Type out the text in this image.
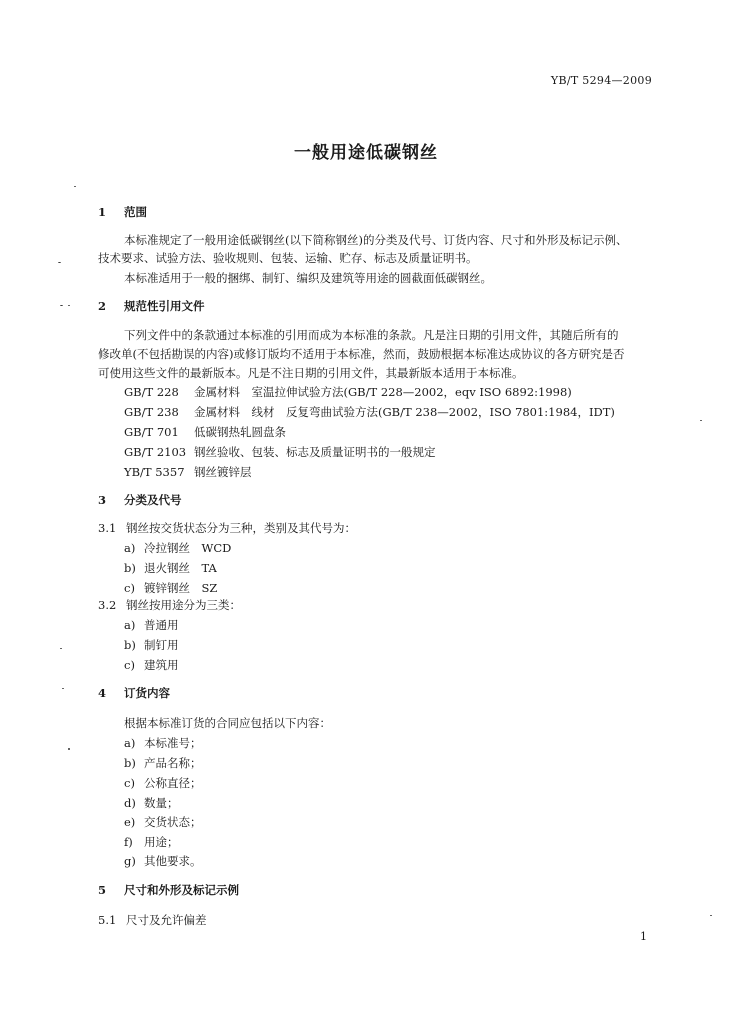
YB/T 5294—2009
一般用途低碳钢丝
1 范围
本标准规定了一般用途低碳钢丝(以下简称钢丝)的分类及代号、订货内容、尺寸和外形及标记示例、
技术要求、试验方法、验收规则、包装、运输、贮存、标志及质量证明书。
本标准适用于一般的捆绑、制钉、编织及建筑等用途的圆截面低碳钢丝。
2 规范性引用文件
下列文件中的条款通过本标准的引用而成为本标准的条款。凡是注日期的引用文件，其随后所有的
修改单(不包括勘误的内容)或修订版均不适用于本标准，然而，鼓励根据本标准达成协议的各方研究是否
可使用这些文件的最新版本。凡是不注日期的引用文件，其最新版本适用于本标准。
GB/T 228 金属材料　室温拉伸试验方法(GB/T 228—2002，eqv ISO 6892:1998)
GB/T 238 金属材料　线材　反复弯曲试验方法(GB/T 238—2002，ISO 7801:1984，IDT)
GB/T 701 低碳钢热轧圆盘条
GB/T 2103 钢丝验收、包装、标志及质量证明书的一般规定
YB/T 5357 钢丝镀锌层
3 分类及代号
3.1 钢丝按交货状态分为三种，类别及其代号为：
a) 冷拉钢丝　WCD
b) 退火钢丝　TA
c) 镀锌钢丝　SZ
3.2 钢丝按用途分为三类：
a) 普通用
b) 制钉用
c) 建筑用
4 订货内容
根据本标准订货的合同应包括以下内容：
a) 本标准号；
b) 产品名称；
c) 公称直径；
d) 数量；
e) 交货状态；
f) 用途；
g) 其他要求。
5 尺寸和外形及标记示例
5.1 尺寸及允许偏差
1
